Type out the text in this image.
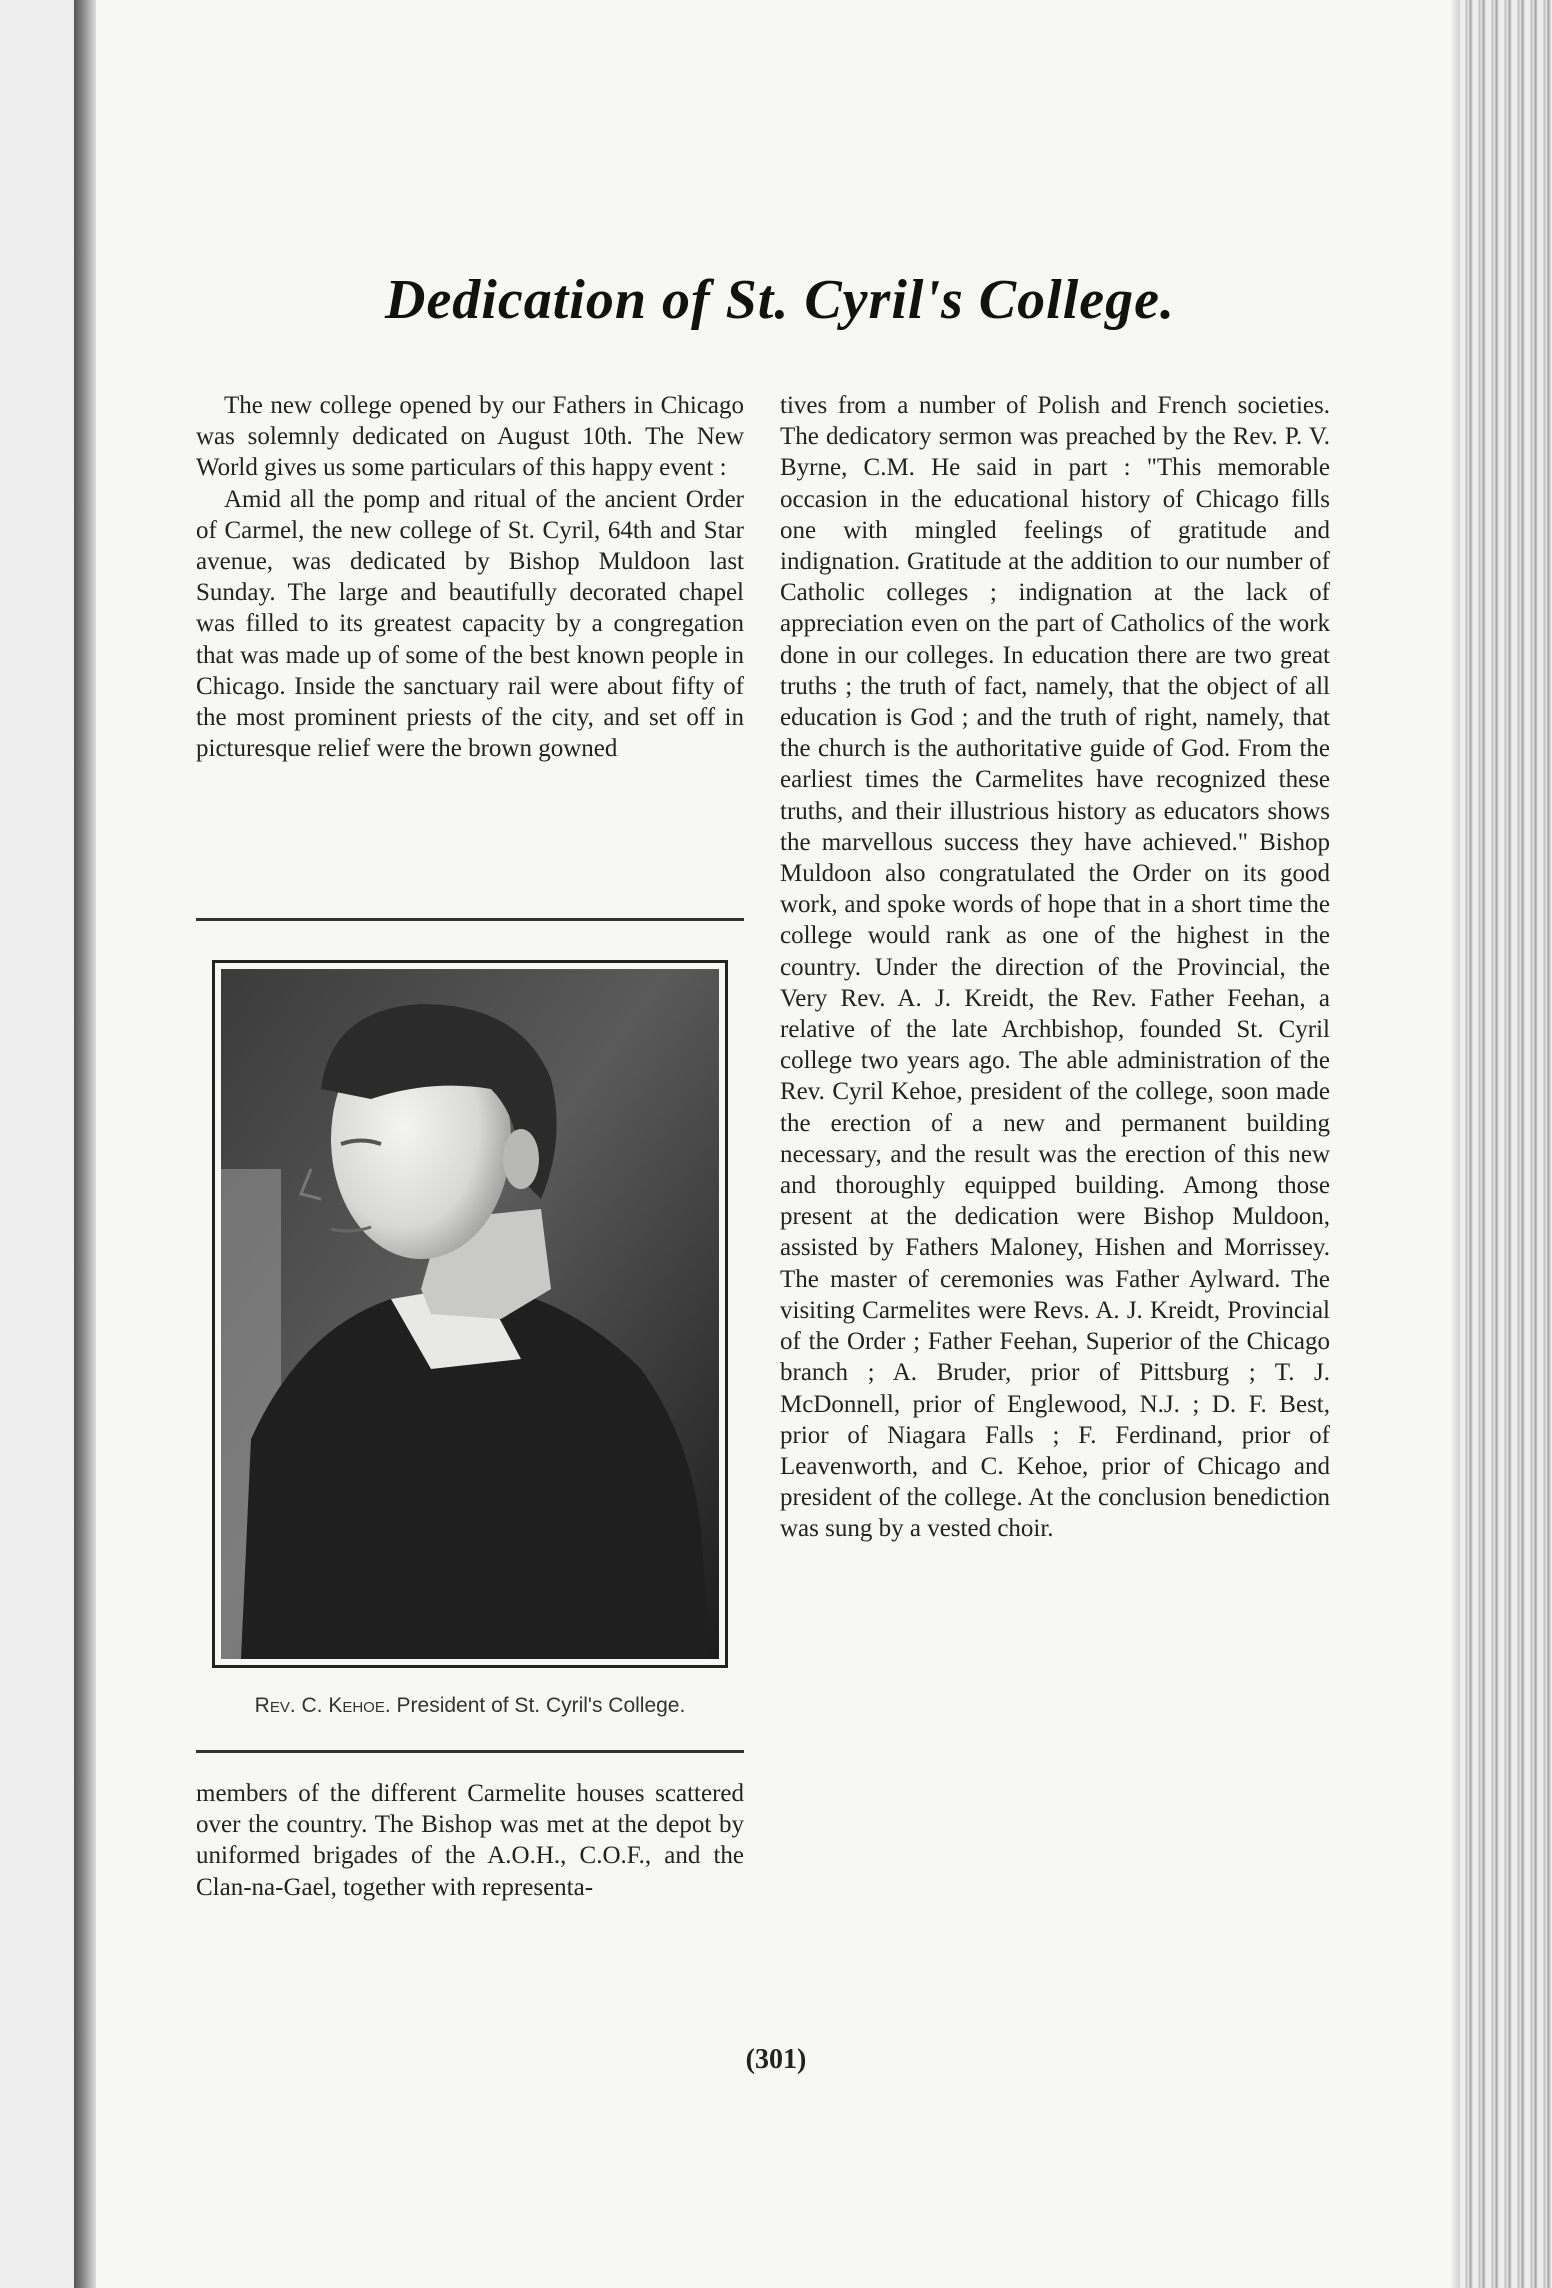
Dedication of St. Cyril's College.

The new college opened by our Fathers in Chicago was solemnly dedicated on August 10th. The New World gives us some particulars of this happy event :

Amid all the pomp and ritual of the ancient Order of Carmel, the new college of St. Cyril, 64th and Star avenue, was dedicated by Bishop Muldoon last Sunday. The large and beautifully decorated chapel was filled to its greatest capacity by a congregation that was made up of some of the best known people in Chicago. Inside the sanctuary rail were about fifty of the most prominent priests of the city, and set off in picturesque relief were the brown gowned

Rev. C. Kehoe. President of St. Cyril's College.

members of the different Carmelite houses scattered over the country. The Bishop was met at the depot by uniformed brigades of the A.O.H., C.O.F., and the Clan-na-Gael, together with representa-

tives from a number of Polish and French societies. The dedicatory sermon was preached by the Rev. P. V. Byrne, C.M. He said in part : "This memorable occasion in the educational history of Chicago fills one with mingled feelings of gratitude and indignation. Gratitude at the addition to our number of Catholic colleges ; indignation at the lack of appreciation even on the part of Catholics of the work done in our colleges. In education there are two great truths ; the truth of fact, namely, that the object of all education is God ; and the truth of right, namely, that the church is the authoritative guide of God. From the earliest times the Carmelites have recognized these truths, and their illustrious history as educators shows the marvellous success they have achieved." Bishop Muldoon also congratulated the Order on its good work, and spoke words of hope that in a short time the college would rank as one of the highest in the country. Under the direction of the Provincial, the Very Rev. A. J. Kreidt, the Rev. Father Feehan, a relative of the late Archbishop, founded St. Cyril college two years ago. The able administration of the Rev. Cyril Kehoe, president of the college, soon made the erection of a new and permanent building necessary, and the result was the erection of this new and thoroughly equipped building. Among those present at the dedication were Bishop Muldoon, assisted by Fathers Maloney, Hishen and Morrissey. The master of ceremonies was Father Aylward. The visiting Carmelites were Revs. A. J. Kreidt, Provincial of the Order ; Father Feehan, Superior of the Chicago branch ; A. Bruder, prior of Pittsburg ; T. J. McDonnell, prior of Englewood, N.J. ; D. F. Best, prior of Niagara Falls ; F. Ferdinand, prior of Leavenworth, and C. Kehoe, prior of Chicago and president of the college. At the conclusion benediction was sung by a vested choir.

(301)
